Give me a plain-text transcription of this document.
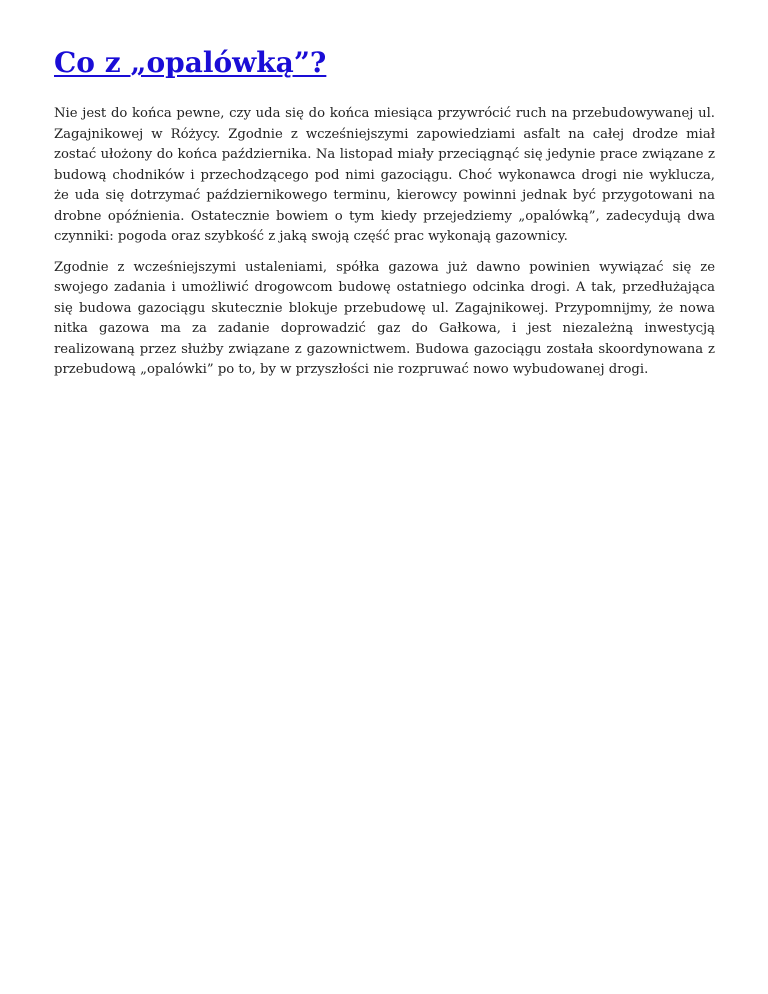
Co z „opalówką”?

Nie jest do końca pewne, czy uda się do końca miesiąca przywrócić ruch na przebudowywanej ul. Zagajnikowej w Różycy. Zgodnie z wcześniejszymi zapowiedziami asfalt na całej drodze miał zostać ułożony do końca października. Na listopad miały przeciągnąć się jedynie prace związane z budową chodników i przechodzącego pod nimi gazociągu. Choć wykonawca drogi nie wyklucza, że uda się dotrzymać październikowego terminu, kierowcy powinni jednak być przygotowani na drobne opóźnienia. Ostatecznie bowiem o tym kiedy przejedziemy „opalówką”, zadecydują dwa czynniki: pogoda oraz szybkość z jaką swoją część prac wykonają gazownicy.

Zgodnie z wcześniejszymi ustaleniami, spółka gazowa już dawno powinien wywiązać się ze swojego zadania i umożliwić drogowcom budowę ostatniego odcinka drogi. A tak, przedłużająca się budowa gazociągu skutecznie blokuje przebudowę ul. Zagajnikowej. Przypomnijmy, że nowa nitka gazowa ma za zadanie doprowadzić gaz do Gałkowa, i jest niezależną inwestycją realizowaną przez służby związane z gazownictwem. Budowa gazociągu została skoordynowana z przebudową „opalówki” po to, by w przyszłości nie rozpruwać nowo wybudowanej drogi.
